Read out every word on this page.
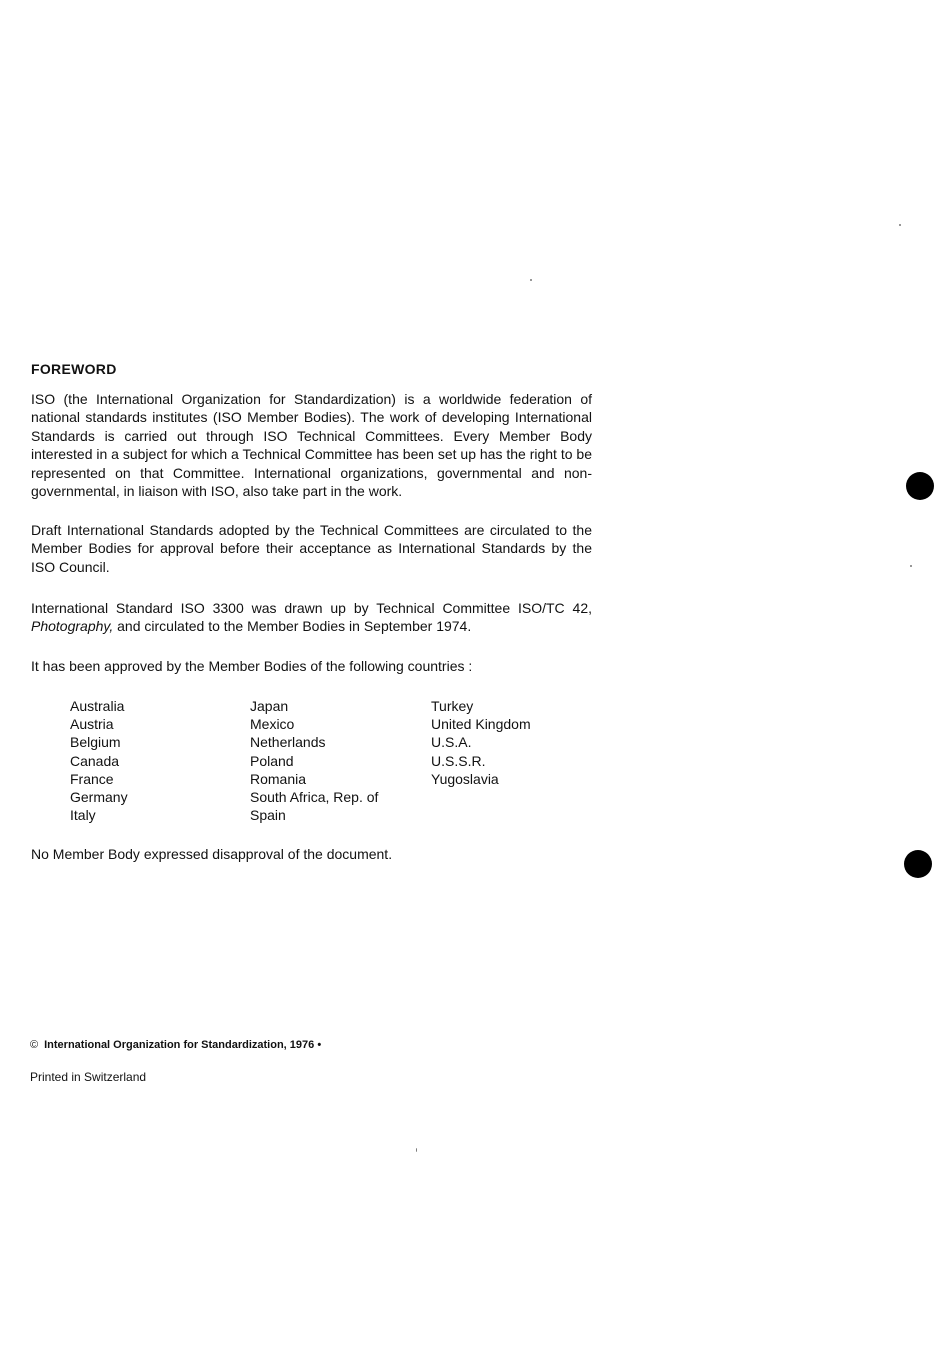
FOREWORD

ISO (the International Organization for Standardization) is a worldwide federation of national standards institutes (ISO Member Bodies). The work of developing International Standards is carried out through ISO Technical Committees. Every Member Body interested in a subject for which a Technical Committee has been set up has the right to be represented on that Committee. International organizations, governmental and non-governmental, in liaison with ISO, also take part in the work.

Draft International Standards adopted by the Technical Committees are circulated to the Member Bodies for approval before their acceptance as International Standards by the ISO Council.

International Standard ISO 3300 was drawn up by Technical Committee ISO/TC 42, Photography, and circulated to the Member Bodies in September 1974.

It has been approved by the Member Bodies of the following countries :

Australia
Austria
Belgium
Canada
France
Germany
Italy
Japan
Mexico
Netherlands
Poland
Romania
South Africa, Rep. of
Spain
Turkey
United Kingdom
U.S.A.
U.S.S.R.
Yugoslavia

No Member Body expressed disapproval of the document.

© International Organization for Standardization, 1976 •
Printed in Switzerland
